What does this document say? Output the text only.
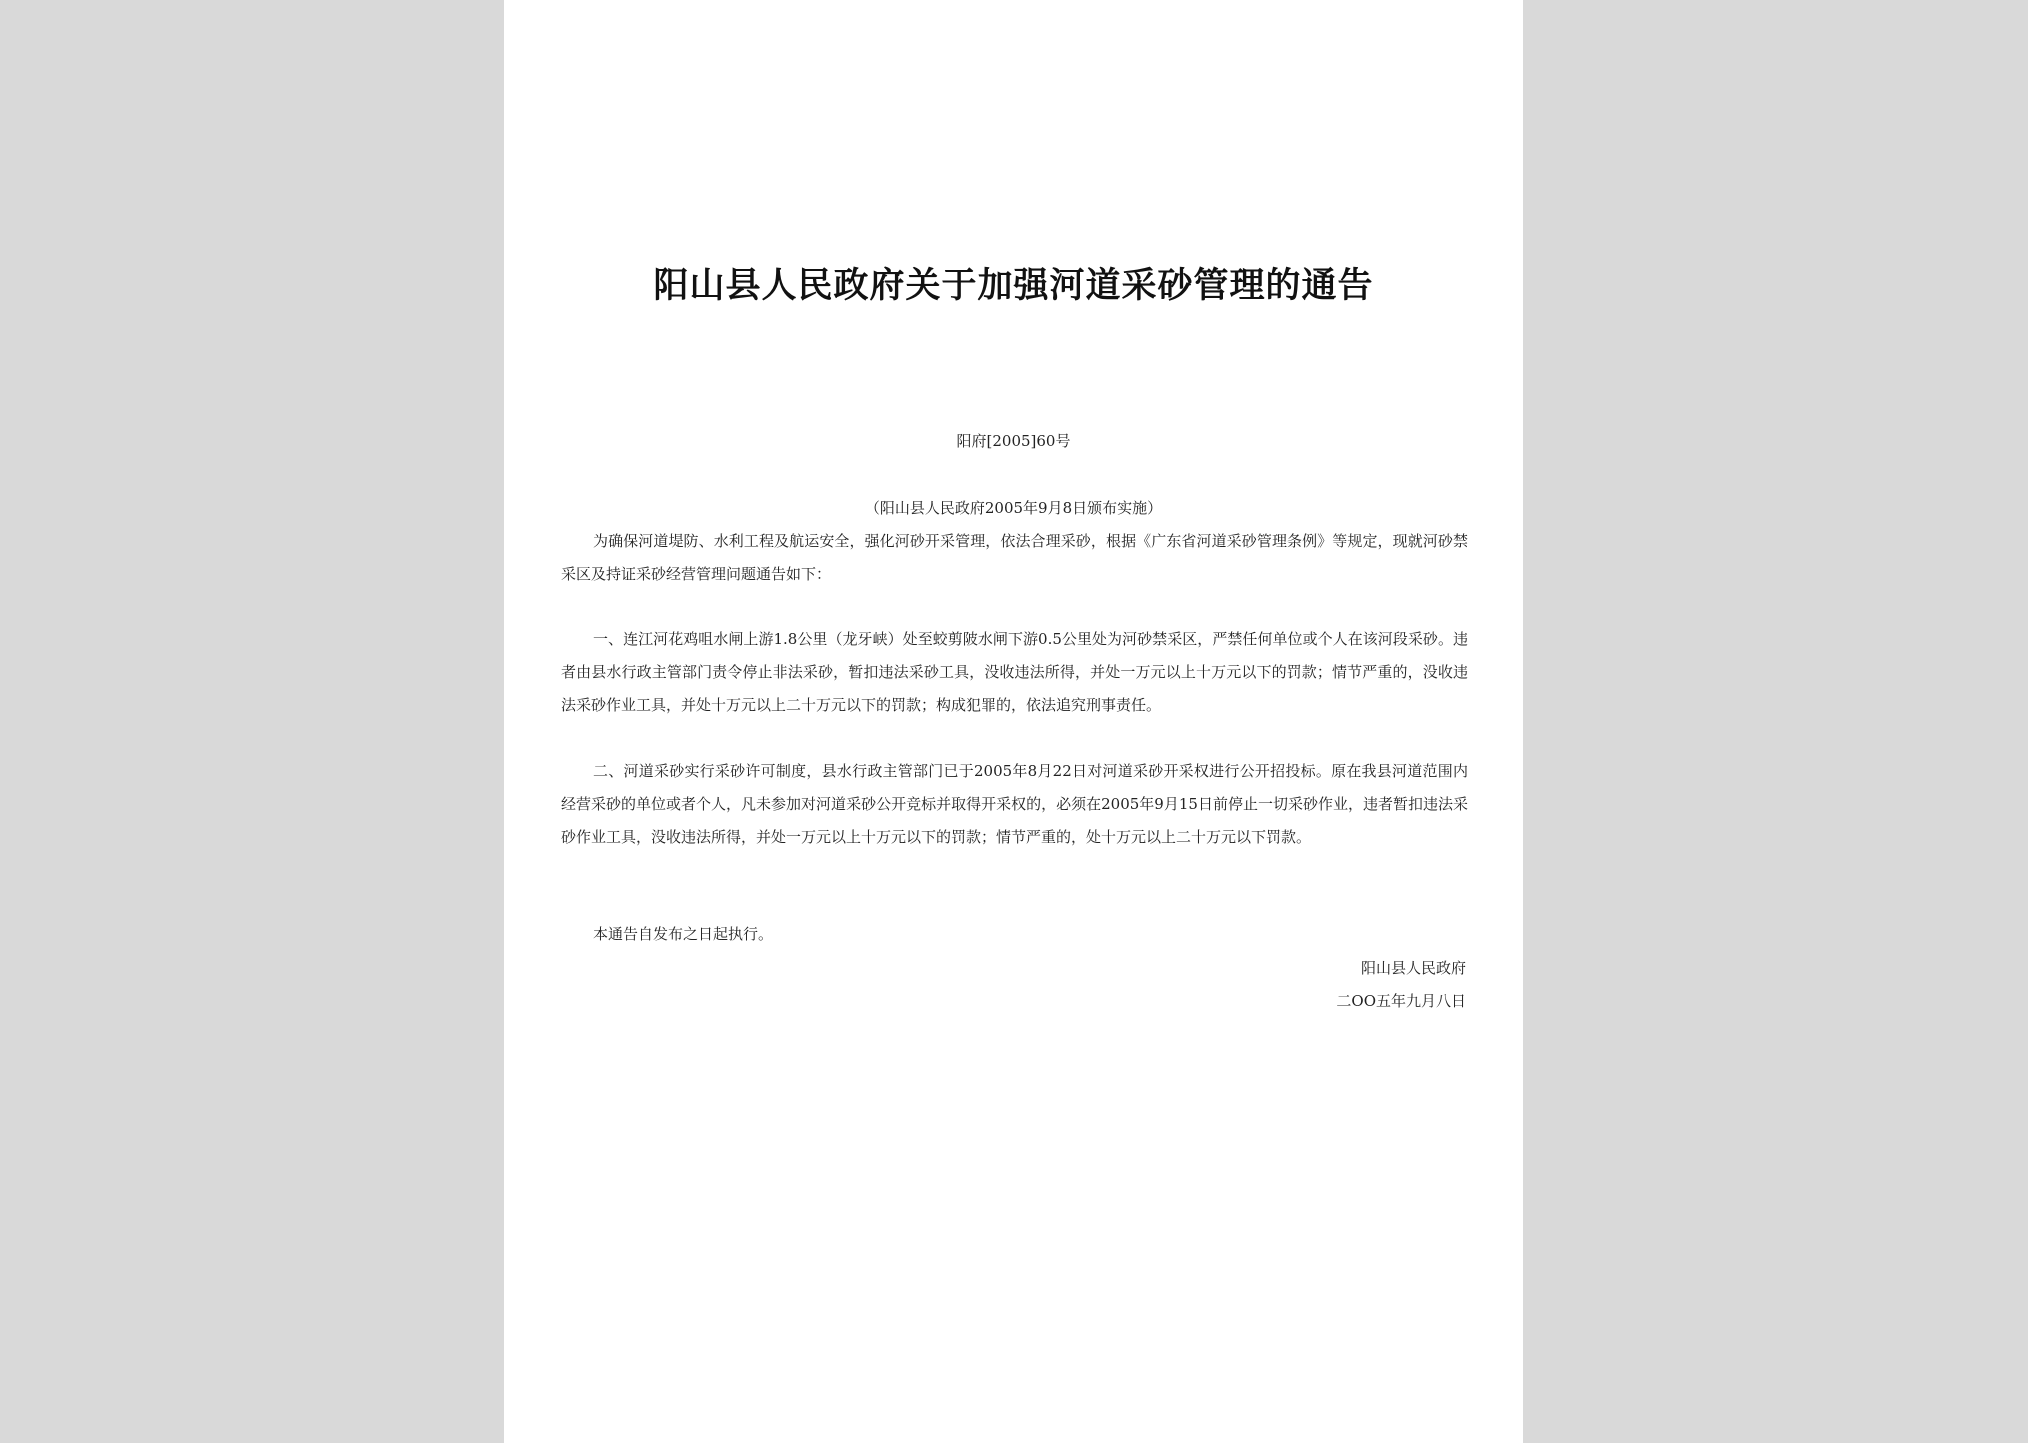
阳山县人民政府关于加强河道采砂管理的通告
阳府[2005]60号
（阳山县人民政府2005年9月8日颁布实施）
为确保河道堤防、水利工程及航运安全，强化河砂开采管理，依法合理采砂，根据《广东省河道采砂管理条例》等规定，现就河砂禁采区及持证采砂经营管理问题通告如下：
一、连江河花鸡咀水闸上游1.8公里（龙牙峡）处至蛟剪陂水闸下游0.5公里处为河砂禁采区，严禁任何单位或个人在该河段采砂。违者由县水行政主管部门责令停止非法采砂，暂扣违法采砂工具，没收违法所得，并处一万元以上十万元以下的罚款；情节严重的，没收违法采砂作业工具，并处十万元以上二十万元以下的罚款；构成犯罪的，依法追究刑事责任。
二、河道采砂实行采砂许可制度，县水行政主管部门已于2005年8月22日对河道采砂开采权进行公开招投标。原在我县河道范围内经营采砂的单位或者个人，凡未参加对河道采砂公开竞标并取得开采权的，必须在2005年9月15日前停止一切采砂作业，违者暂扣违法采砂作业工具，没收违法所得，并处一万元以上十万元以下的罚款；情节严重的，处十万元以上二十万元以下罚款。
本通告自发布之日起执行。
阳山县人民政府
二OO五年九月八日
